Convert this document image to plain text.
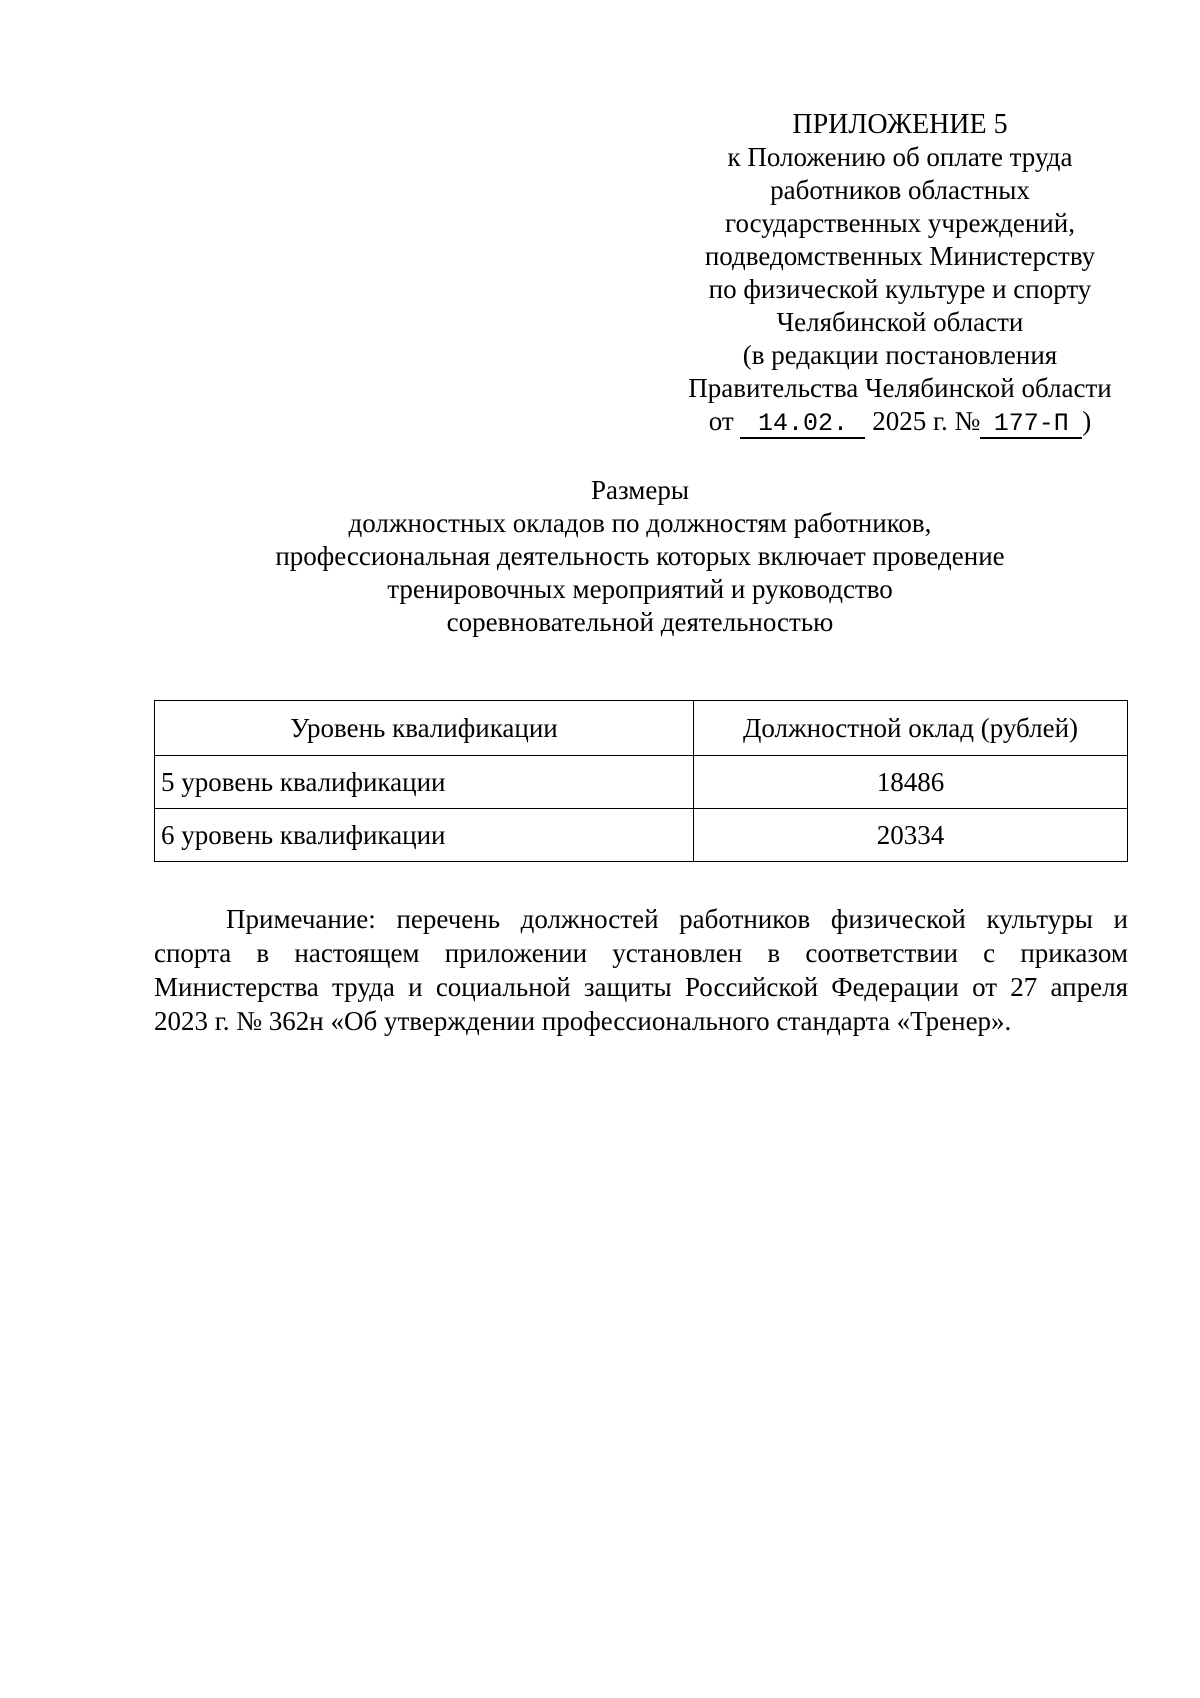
ПРИЛОЖЕНИЕ 5
к Положению об оплате труда
работников областных
государственных учреждений,
подведомственных Министерству
по физической культуре и спорту
Челябинской области
(в редакции постановления
Правительства Челябинской области
от 14.02. 2025 г. № 177-П )
Размеры
должностных окладов по должностям работников,
профессиональная деятельность которых включает проведение
тренировочных мероприятий и руководство
соревновательной деятельностью
Уровень квалификации	Должностной оклад (рублей)
5 уровень квалификации	18486
6 уровень квалификации	20334

Примечание: перечень должностей работников физической культуры и спорта в настоящем приложении установлен в соответствии с приказом Министерства труда и социальной защиты Российской Федерации от 27 апреля 2023 г. № 362н «Об утверждении профессионального стандарта «Тренер».
